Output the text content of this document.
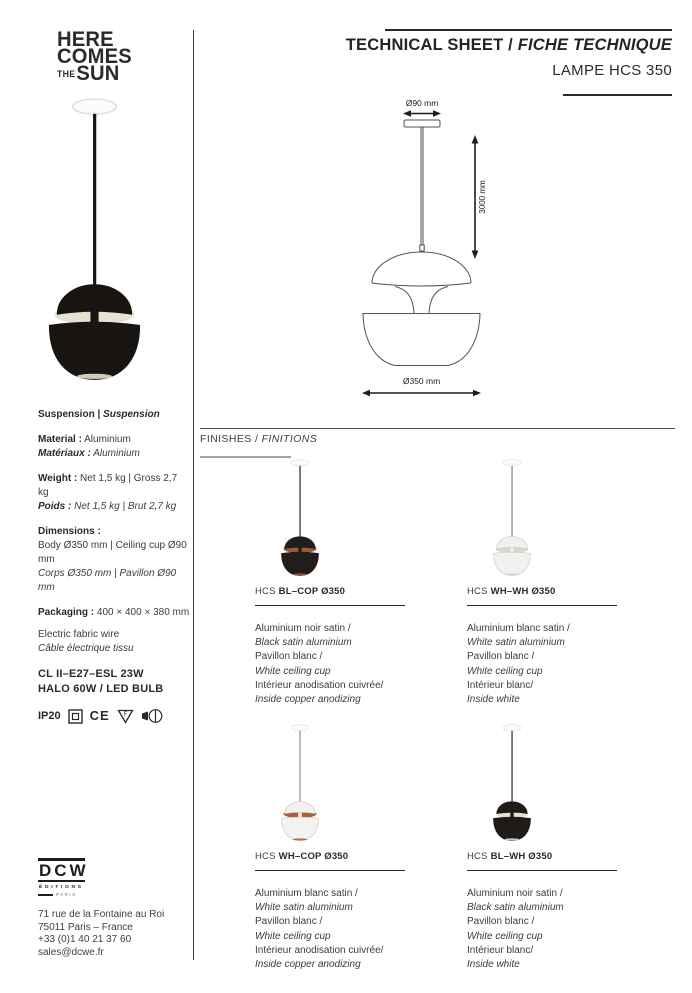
HERE
COMES
THESUN
TECHNICAL SHEET / FICHE TECHNIQUE
LAMPE HCS 350
Ø90 mm
3000 mm
Ø350 mm

Suspension | Suspension

Material : Aluminium
Matériaux : Aluminium

Weight : Net 1,5 kg | Gross 2,7 kg
Poids : Net 1,5 kg | Brut 2,7 kg

Dimensions :
Body Ø350 mm | Ceiling cup Ø90 mm
Corps Ø350 mm | Pavillon Ø90 mm

Packaging : 400 × 400 × 380 mm

Electric fabric wire
Câble électrique tissu

CL II–E27–ESL 23W
HALO 60W / LED BULB

IP20 CE F
FINISHES / FINITIONS
HCS BL–COP Ø350
Aluminium noir satin /
Black satin aluminium
Pavillon blanc /
White ceiling cup
Intérieur anodisation cuivrée/
Inside copper anodizing
HCS WH–WH Ø350
Aluminium blanc satin /
White satin aluminium
Pavillon blanc /
White ceiling cup
Intérieur blanc/
Inside white
HCS WH–COP Ø350
Aluminium blanc satin /
White satin aluminium
Pavillon blanc /
White ceiling cup
Intérieur anodisation cuivrée/
Inside copper anodizing
HCS BL–WH Ø350
Aluminium noir satin /
Black satin aluminium
Pavillon blanc /
White ceiling cup
Intérieur blanc/
Inside white
DCW
ÉDITIONS
PARIS
71 rue de la Fontaine au Roi
75011 Paris – France
+33 (0)1 40 21 37 60
sales@dcwe.fr
